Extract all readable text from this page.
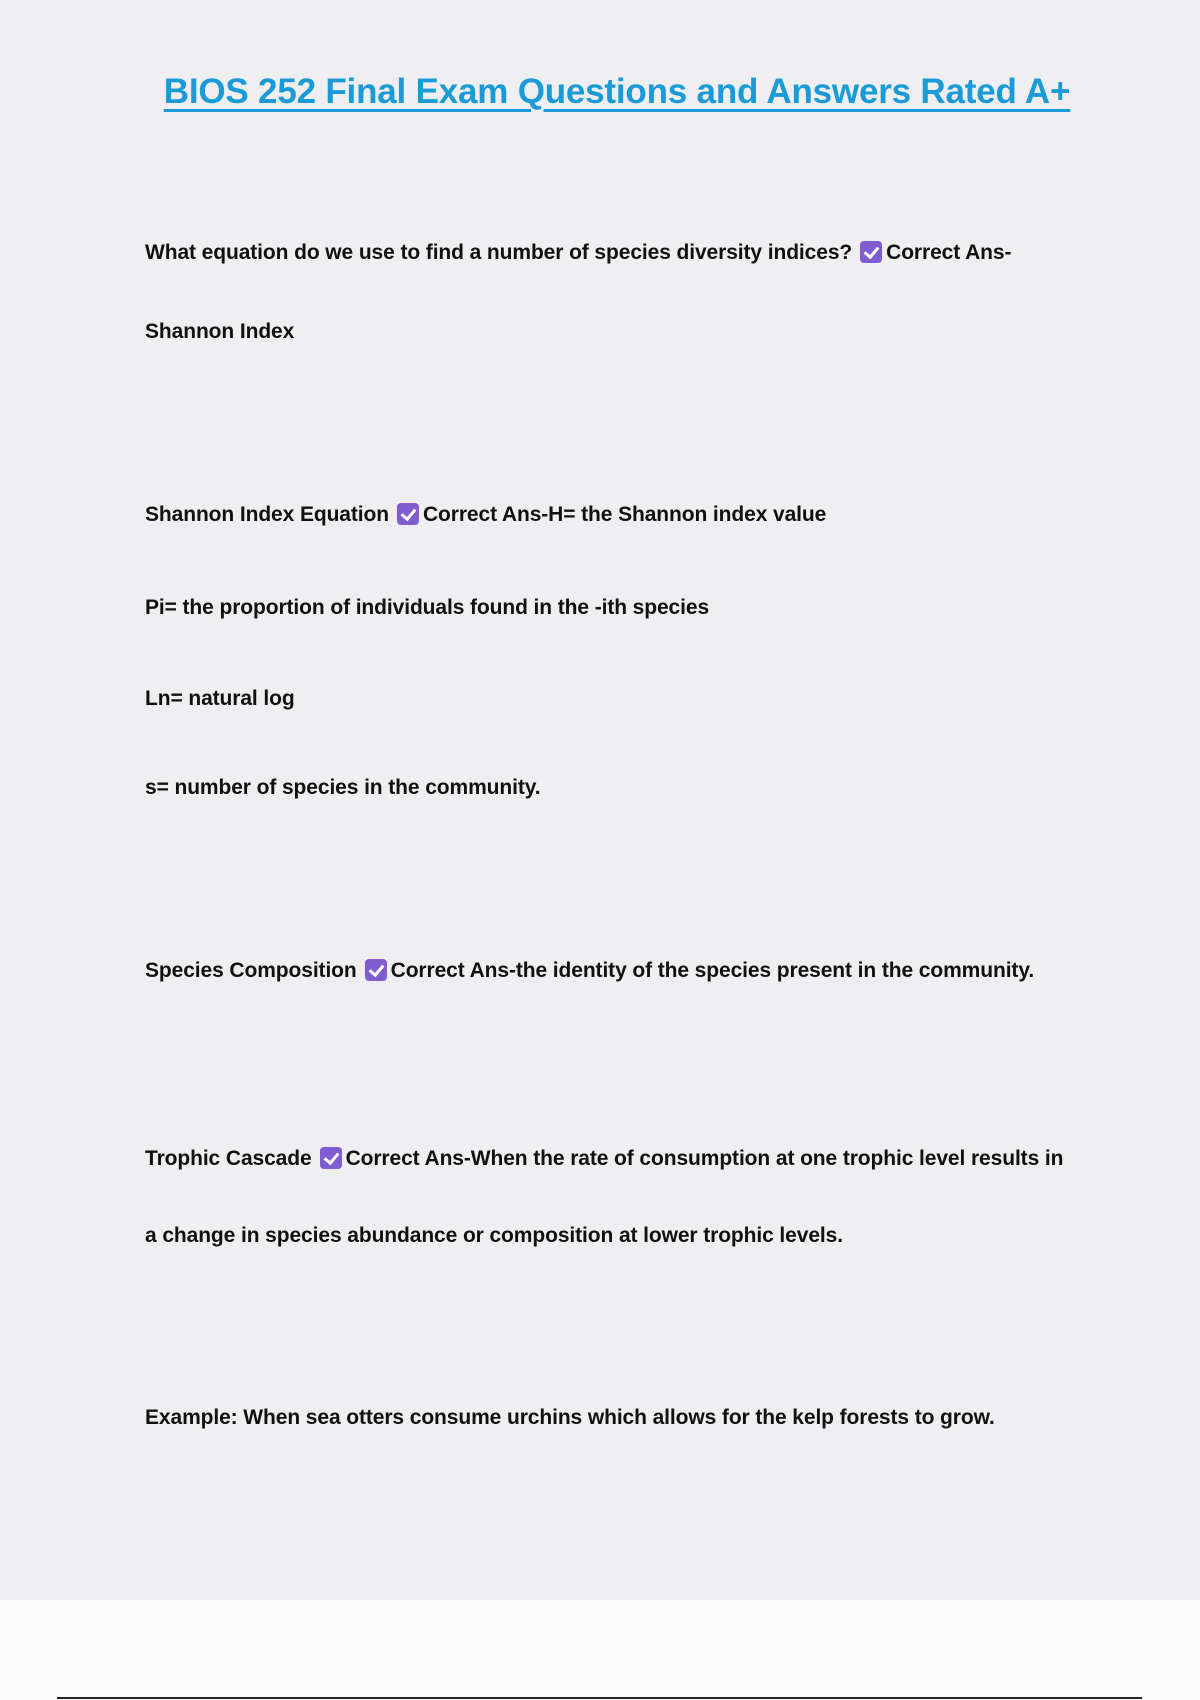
BIOS 252 Final Exam Questions and Answers Rated A+
What equation do we use to find a number of species diversity indices? Correct Ans-
Shannon Index
Shannon Index Equation Correct Ans-H= the Shannon index value
Pi= the proportion of individuals found in the -ith species
Ln= natural log
s= number of species in the community.
Species Composition Correct Ans-the identity of the species present in the community.
Trophic Cascade Correct Ans-When the rate of consumption at one trophic level results in
a change in species abundance or composition at lower trophic levels.
Example: When sea otters consume urchins which allows for the kelp forests to grow.
